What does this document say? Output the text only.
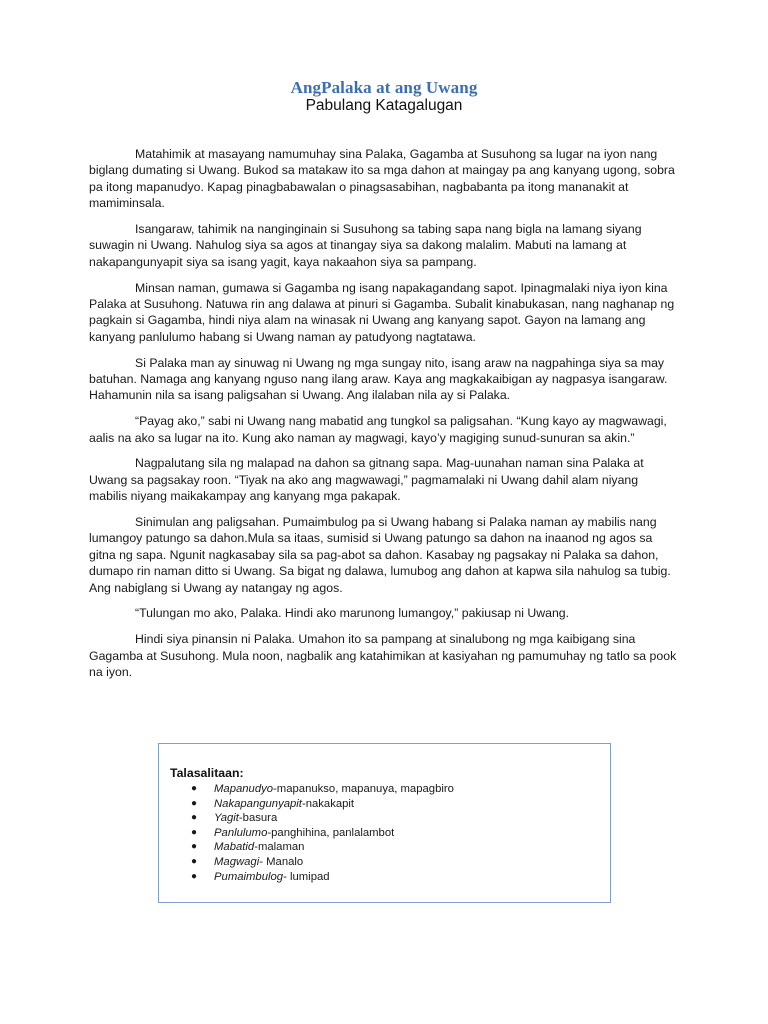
AngPalaka at ang Uwang
Pabulang Katagalugan

Matahimik at masayang namumuhay sina Palaka, Gagamba at Susuhong sa lugar na iyon nang biglang dumating si Uwang. Bukod sa matakaw ito sa mga dahon at maingay pa ang kanyang ugong, sobra pa itong mapanudyo. Kapag pinagbabawalan o pinagsasabihan, nagbabanta pa itong mananakit at mamiminsala.

Isangaraw, tahimik na nanginginain si Susuhong sa tabing sapa nang bigla na lamang siyang suwagin ni Uwang. Nahulog siya sa agos at tinangay siya sa dakong malalim. Mabuti na lamang at nakapangunyapit siya sa isang yagit, kaya nakaahon siya sa pampang.

Minsan naman, gumawa si Gagamba ng isang napakagandang sapot. Ipinagmalaki niya iyon kina Palaka at Susuhong. Natuwa rin ang dalawa at pinuri si Gagamba. Subalit kinabukasan, nang naghanap ng pagkain si Gagamba, hindi niya alam na winasak ni Uwang ang kanyang sapot. Gayon na lamang ang kanyang panlulumo habang si Uwang naman ay patudyong nagtatawa.

Si Palaka man ay sinuwag ni Uwang ng mga sungay nito, isang araw na nagpahinga siya sa may batuhan. Namaga ang kanyang nguso nang ilang araw. Kaya ang magkakaibigan ay nagpasya isangaraw. Hahamunin nila sa isang paligsahan si Uwang. Ang ilalaban nila ay si Palaka.

“Payag ako,” sabi ni Uwang nang mabatid ang tungkol sa paligsahan. “Kung kayo ay magwawagi, aalis na ako sa lugar na ito. Kung ako naman ay magwagi, kayo’y magiging sunud-sunuran sa akin.”

Nagpalutang sila ng malapad na dahon sa gitnang sapa. Mag-uunahan naman sina Palaka at Uwang sa pagsakay roon. “Tiyak na ako ang magwawagi,” pagmamalaki ni Uwang dahil alam niyang mabilis niyang maikakampay ang kanyang mga pakapak.

Sinimulan ang paligsahan. Pumaimbulog pa si Uwang habang si Palaka naman ay mabilis nang lumangoy patungo sa dahon.Mula sa itaas, sumisid si Uwang patungo sa dahon na inaanod ng agos sa gitna ng sapa. Ngunit nagkasabay sila sa pag-abot sa dahon. Kasabay ng pagsakay ni Palaka sa dahon, dumapo rin naman ditto si Uwang. Sa bigat ng dalawa, lumubog ang dahon at kapwa sila nahulog sa tubig. Ang nabiglang si Uwang ay natangay ng agos.

“Tulungan mo ako, Palaka. Hindi ako marunong lumangoy,” pakiusap ni Uwang.

Hindi siya pinansin ni Palaka. Umahon ito sa pampang at sinalubong ng mga kaibigang sina Gagamba at Susuhong. Mula noon, nagbalik ang katahimikan at kasiyahan ng pamumuhay ng tatlo sa pook na iyon.

Talasalitaan:
● Mapanudyo-mapanukso, mapanuya, mapagbiro
● Nakapangunyapit-nakakapit
● Yagit-basura
● Panlulumo-panghihina, panlalambot
● Mabatid-malaman
● Magwagi- Manalo
● Pumaimbulog- lumipad
